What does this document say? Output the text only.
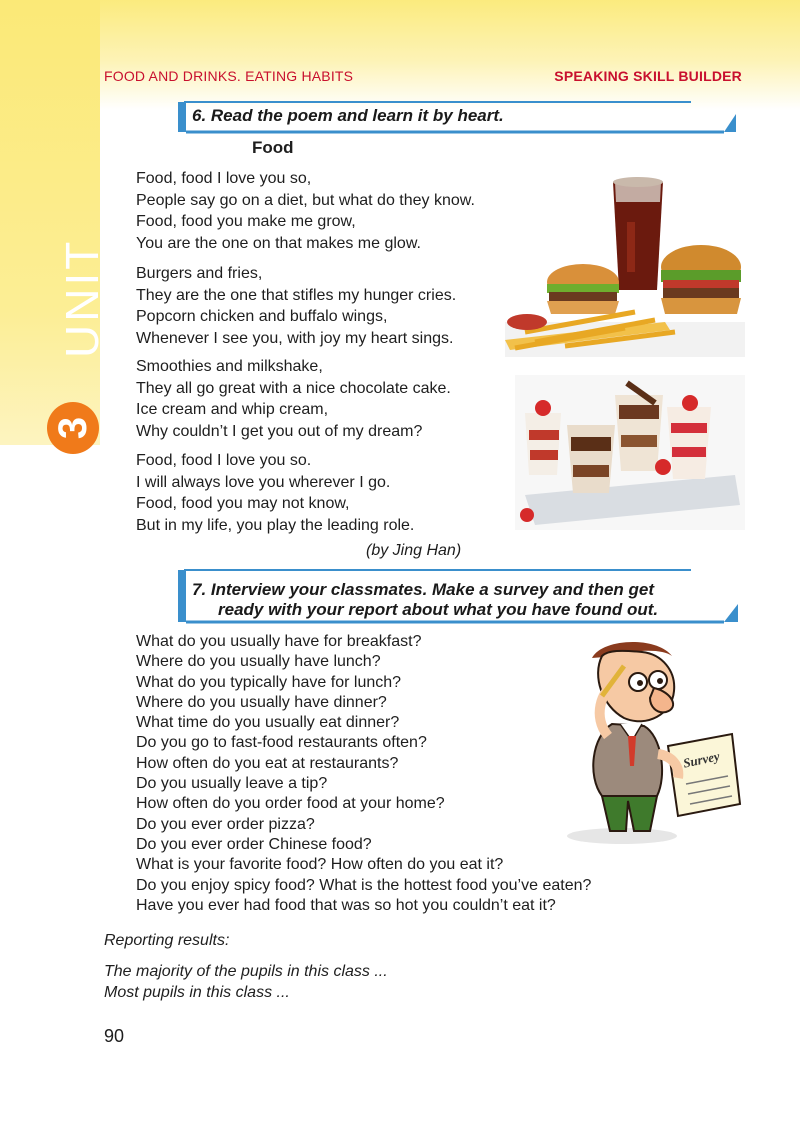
UNIT
3
FOOD AND DRINKS. EATING HABITS	SPEAKING SKILL BUILDER
6. Read the poem and learn it by heart.
Food
Food, food I love you so,
People say go on a diet, but what do they know.
Food, food you make me grow,
You are the one on that makes me glow.
Burgers and fries,
They are the one that stifles my hunger cries.
Popcorn chicken and buffalo wings,
Whenever I see you, with joy my heart sings.
Smoothies and milkshake,
They all go great with a nice chocolate cake.
Ice cream and whip cream,
Why couldn’t I get you out of my dream?
Food, food I love you so.
I will always love you wherever I go.
Food, food you may not know,
But in my life, you play the leading role.
(by Jing Han)
7. Interview your classmates. Make a survey and then get
ready with your report about what you have found out.
What do you usually have for breakfast?
Where do you usually have lunch?
What do you typically have for lunch?
Where do you usually have dinner?
What time do you usually eat dinner?
Do you go to fast-food restaurants often?
How often do you eat at restaurants?
Do you usually leave a tip?
How often do you order food at your home?
Do you ever order pizza?
Do you ever order Chinese food?
What is your favorite food? How often do you eat it?
Do you enjoy spicy food? What is the hottest food you’ve eaten?
Have you ever had food that was so hot you couldn’t eat it?
Survey
Reporting results:
The majority of the pupils in this class ...
Most pupils in this class ...
90
